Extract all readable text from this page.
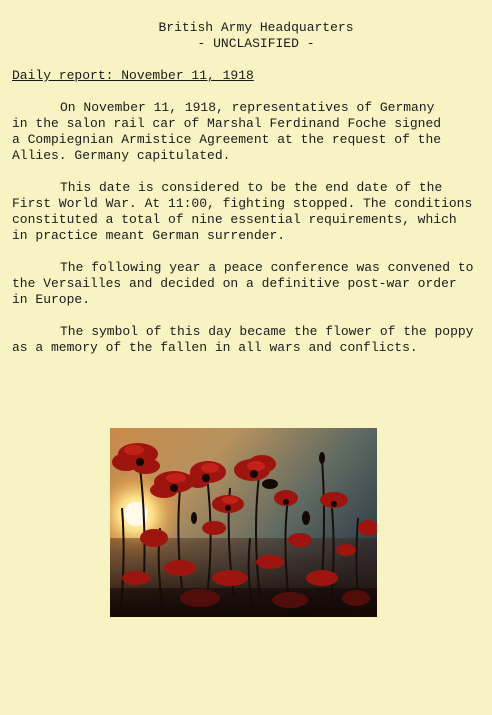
British Army Headquarters
- UNCLASIFIED -
Daily report: November 11, 1918

On November 11, 1918, representatives of Germany
in the salon rail car of Marshal Ferdinand Foche signed
a Compiegnian Armistice Agreement at the request of the
Allies. Germany capitulated.

This date is considered to be the end date of the
First World War. At 11:00, fighting stopped. The conditions
constituted a total of nine essential requirements, which
in practice meant German surrender.

The following year a peace conference was convened to
the Versailles and decided on a definitive post-war order
in Europe.

The symbol of this day became the flower of the poppy
as a memory of the fallen in all wars and conflicts.
